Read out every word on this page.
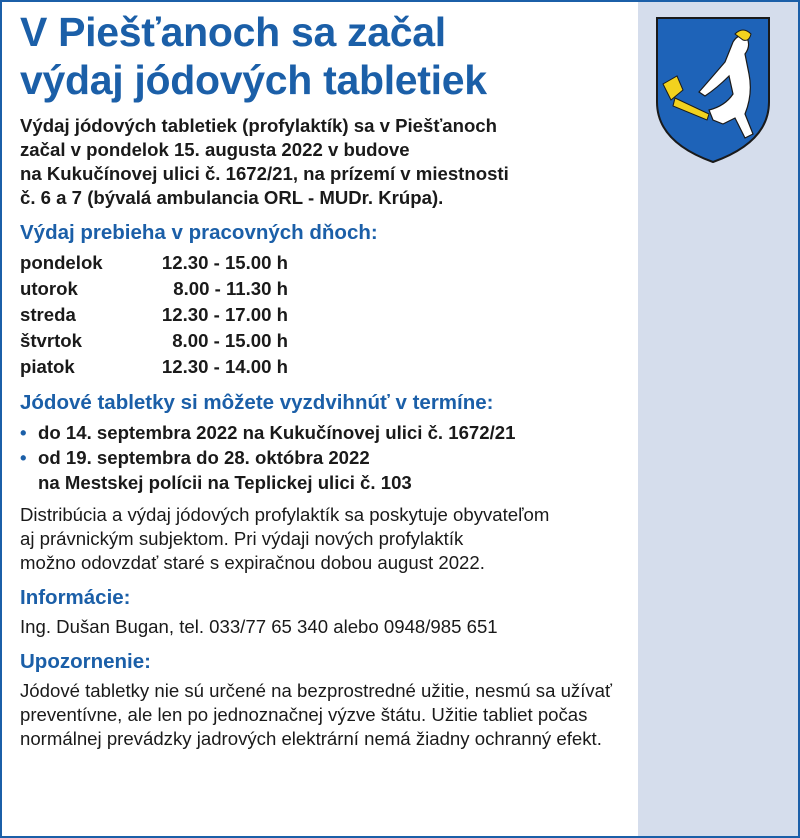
V Piešťanoch sa začal
výdaj jódových tabletiek

Výdaj jódových tabletiek (profylaktík) sa v Piešťanoch
začal v pondelok 15. augusta 2022 v budove
na Kukučínovej ulici č. 1672/21, na prízemí v miestnosti
č. 6 a 7 (bývalá ambulancia ORL - MUDr. Krúpa).

Výdaj prebieha v pracovných dňoch:
pondelok	12.30 - 15.00 h
utorok	8.00 - 11.30 h
streda	12.30 - 17.00 h
štvrtok	8.00 - 15.00 h
piatok	12.30 - 14.00 h
Jódové tabletky si môžete vyzdvihnúť v termíne:
• do 14. septembra 2022 na Kukučínovej ulici č. 1672/21
• od 19. septembra do 28. októbra 2022
na Mestskej polícii na Teplickej ulici č. 103

Distribúcia a výdaj jódových profylaktík sa poskytuje obyvateľom
aj právnickým subjektom. Pri výdaji nových profylaktík
možno odovzdať staré s expiračnou dobou august 2022.

Informácie:

Ing. Dušan Bugan, tel. 033/77 65 340 alebo 0948/985 651

Upozornenie:

Jódové tabletky nie sú určené na bezprostredné užitie, nesmú sa užívať
preventívne, ale len po jednoznačnej výzve štátu. Užitie tabliet počas
normálnej prevádzky jadrových elektrární nemá žiadny ochranný efekt.
